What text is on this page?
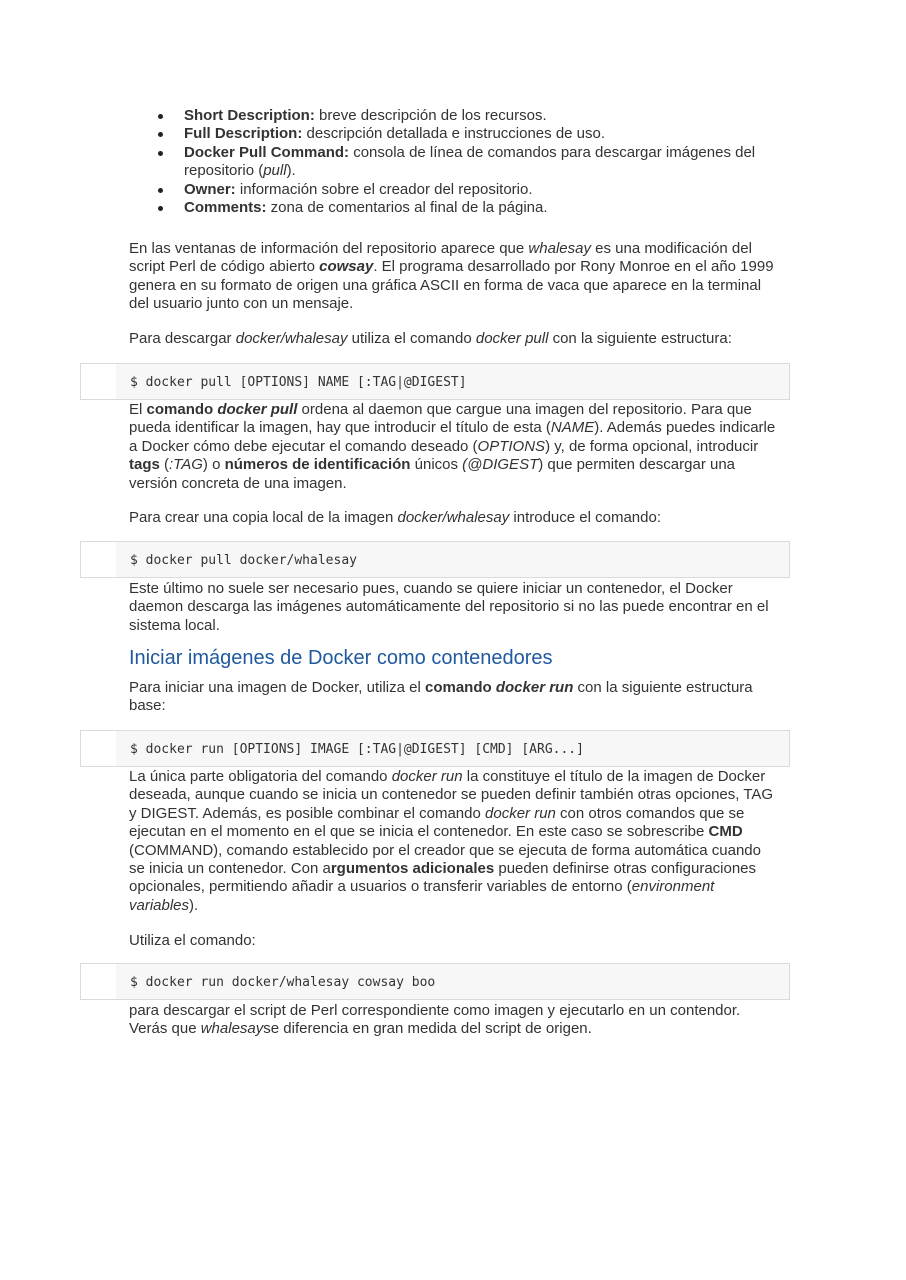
Short Description: breve descripción de los recursos.
Full Description: descripción detallada e instrucciones de uso.
Docker Pull Command: consola de línea de comandos para descargar imágenes del repositorio (pull).
Owner: información sobre el creador del repositorio.
Comments: zona de comentarios al final de la página.

En las ventanas de información del repositorio aparece que whalesay es una modificación del script Perl de código abierto cowsay. El programa desarrollado por Rony Monroe en el año 1999 genera en su formato de origen una gráfica ASCII en forma de vaca que aparece en la terminal del usuario junto con un mensaje.

Para descargar docker/whalesay utiliza el comando docker pull con la siguiente estructura:

$ docker pull [OPTIONS] NAME [:TAG|@DIGEST]

El comando docker pull ordena al daemon que cargue una imagen del repositorio. Para que pueda identificar la imagen, hay que introducir el título de esta (NAME). Además puedes indicarle a Docker cómo debe ejecutar el comando deseado (OPTIONS) y, de forma opcional, introducir tags (:TAG) o números de identificación únicos (@DIGEST) que permiten descargar una versión concreta de una imagen.

Para crear una copia local de la imagen docker/whalesay introduce el comando:

$ docker pull docker/whalesay

Este último no suele ser necesario pues, cuando se quiere iniciar un contenedor, el Docker daemon descarga las imágenes automáticamente del repositorio si no las puede encontrar en el sistema local.

Iniciar imágenes de Docker como contenedores

Para iniciar una imagen de Docker, utiliza el comando docker run con la siguiente estructura base:

$ docker run [OPTIONS] IMAGE [:TAG|@DIGEST] [CMD] [ARG...]

La única parte obligatoria del comando docker run la constituye el título de la imagen de Docker deseada, aunque cuando se inicia un contenedor se pueden definir también otras opciones, TAG y DIGEST. Además, es posible combinar el comando docker run con otros comandos que se ejecutan en el momento en el que se inicia el contenedor. En este caso se sobrescribe CMD (COMMAND), comando establecido por el creador que se ejecuta de forma automática cuando se inicia un contenedor. Con argumentos adicionales pueden definirse otras configuraciones opcionales, permitiendo añadir a usuarios o transferir variables de entorno (environment variables).

Utiliza el comando:

$ docker run docker/whalesay cowsay boo

para descargar el script de Perl correspondiente como imagen y ejecutarlo en un contendor. Verás que whalesayse diferencia en gran medida del script de origen.
